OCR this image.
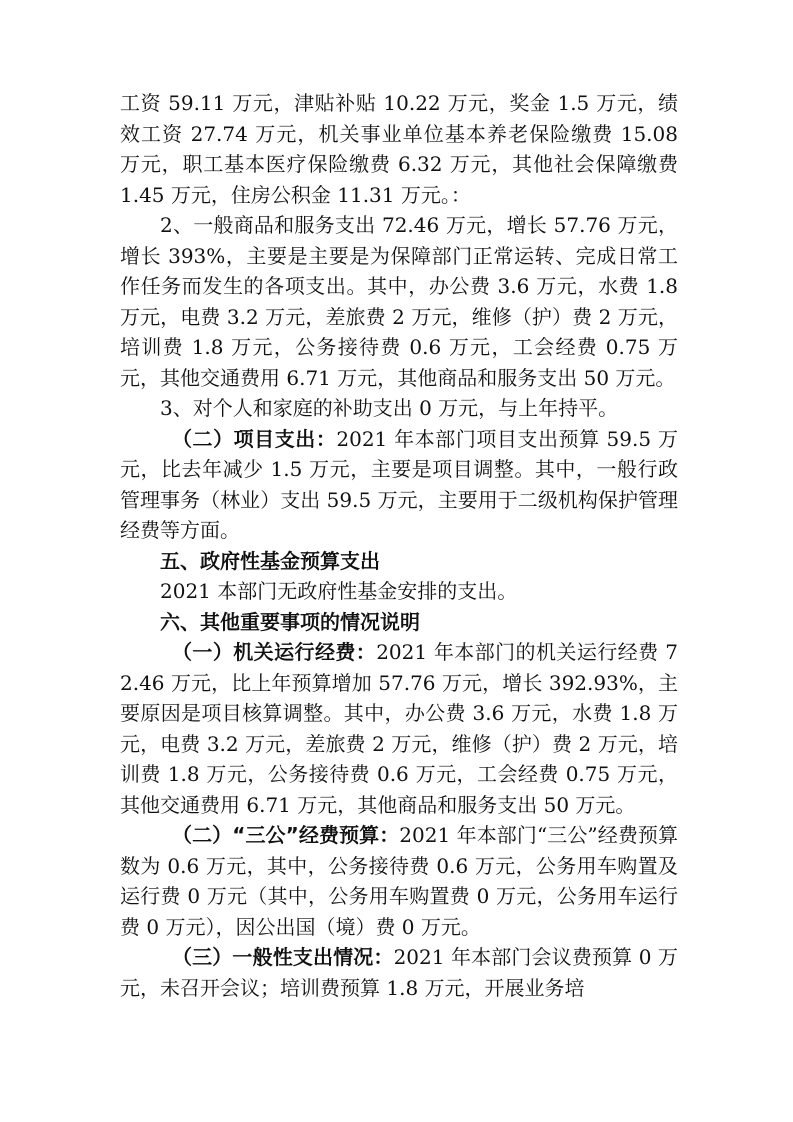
工资 59.11 万元，津贴补贴 10.22 万元，奖金 1.5 万元，绩效工资 27.74 万元，机关事业单位基本养老保险缴费 15.08 万元，职工基本医疗保险缴费 6.32 万元，其他社会保障缴费 1.45 万元，住房公积金 11.31 万元。：

2、一般商品和服务支出 72.46 万元，增长 57.76 万元，增长 393%，主要是主要是为保障部门正常运转、完成日常工作任务而发生的各项支出。其中，办公费 3.6 万元，水费 1.8 万元，电费 3.2 万元，差旅费 2 万元，维修（护）费 2 万元，培训费 1.8 万元，公务接待费 0.6 万元，工会经费 0.75 万元，其他交通费用 6.71 万元，其他商品和服务支出 50 万元。

3、对个人和家庭的补助支出 0 万元，与上年持平。

（二）项目支出：2021 年本部门项目支出预算 59.5 万元，比去年减少 1.5 万元，主要是项目调整。其中，一般行政管理事务（林业）支出 59.5 万元，主要用于二级机构保护管理经费等方面。

五、政府性基金预算支出

2021 本部门无政府性基金安排的支出。

六、其他重要事项的情况说明

（一）机关运行经费：2021 年本部门的机关运行经费 72.46 万元，比上年预算增加 57.76 万元，增长 392.93%，主要原因是项目核算调整。其中，办公费 3.6 万元，水费 1.8 万元，电费 3.2 万元，差旅费 2 万元，维修（护）费 2 万元，培训费 1.8 万元，公务接待费 0.6 万元，工会经费 0.75 万元，其他交通费用 6.71 万元，其他商品和服务支出 50 万元。

（二）“三公”经费预算：2021 年本部门“三公”经费预算数为 0.6 万元，其中，公务接待费 0.6 万元，公务用车购置及运行费 0 万元（其中，公务用车购置费 0 万元，公务用车运行费 0 万元），因公出国（境）费 0 万元。

（三）一般性支出情况：2021 年本部门会议费预算 0 万元，未召开会议；培训费预算 1.8 万元，开展业务培
